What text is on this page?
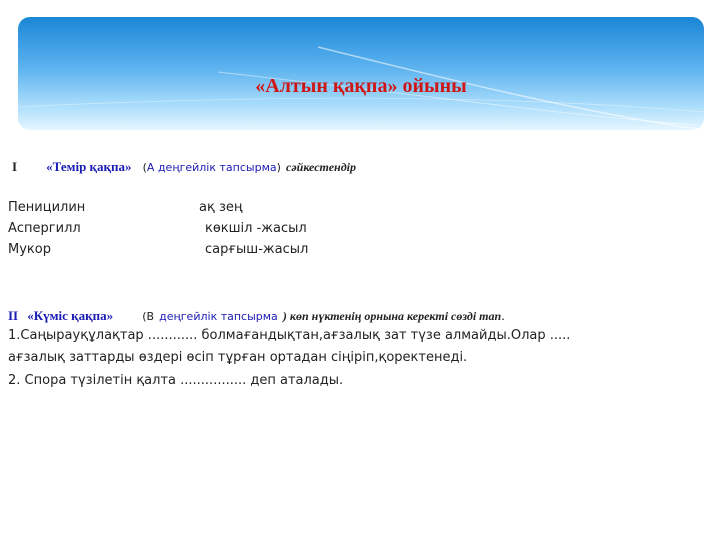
«Алтын қақпа» ойыны
I «Темір қақпа» (А деңгейлік тапсырма) сәйкестендір
Пеницилин	ақ зең
Аспергилл	көкшіл -жасыл
Мукор	сарғыш-жасыл
II «Күміс қақпа»	(В деңгейлік тапсырма ) көп нүктенің орнына керекті сөзді тап.
1.Саңырауқұлақтар ............ болмағандықтан,ағзалық зат түзе алмайды.Олар .....
ағзалық заттарды өздері өсіп тұрған ортадан сіңіріп,қоректенеді.
2. Спора түзілетін қалта ................ деп аталады.
